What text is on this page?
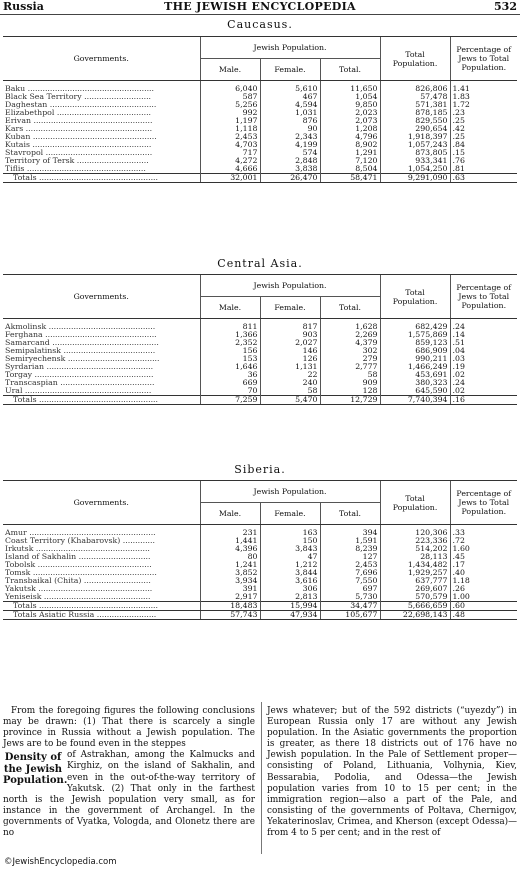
Russia	THE JEWISH ENCYCLOPEDIA	532
Caucasus.
Governments.	Jewish Population.			Total Population.	Percentage of Jews to Total Population.
	Male.	Female.	Total.		

Baku ...................................................	6,040	5,610	11,650	826,806	1.41
Black Sea Territory ...........................	587	467	1,054	57,478	1.83
Daghestan ...........................................	5,256	4,594	9,850	571,381	1.72
Elizabethpol ......................................	992	1,031	2,023	878,185	.23
Erivan ................................................	1,197	876	2,073	829,550	.25
Kars ...................................................	1,118	90	1,208	290,654	.42
Kuban ..................................................	2,453	2,343	4,796	1,918,397	.25
Kutais ................................................	4,703	4,199	8,902	1,057,243	.84
Stavropol ...........................................	717	574	1,291	873,805	.15
Territory of Tersk .............................	4,272	2,848	7,120	933,341	.76
Tiflis ................................................	4,666	3,838	8,504	1,054,250	.81
Totals ................................................	32,001	26,470	58,471	9,291,090	.63
Central Asia.
Governments.	Jewish Population.			Total Population.	Percentage of Jews to Total Population.
	Male.	Female.	Total.		

Akmolinsk ...........................................	811	817	1,628	682,429	.24
Ferghana .............................................	1,366	903	2,269	1,575,869	.14
Samarcand ...........................................	2,352	2,027	4,379	859,123	.51
Semipalatinsk .....................................	156	146	302	686,909	.04
Semiryechensk .....................................	153	126	279	990,211	.03
Syrdarian ...........................................	1,646	1,131	2,777	1,466,249	.19
Torgay ................................................	36	22	58	453,691	.02
Transcaspian ......................................	669	240	909	380,323	.24
Ural ...................................................	70	58	128	645,590	.02
Totals ................................................	7,259	5,470	12,729	7,740,394	.16
Siberia.
Governments.	Jewish Population.			Total Population.	Percentage of Jews to Total Population.
	Male.	Female.	Total.		

Amur ...................................................	231	163	394	120,306	.33
Coast Territory (Khabarovsk) .............	1,441	150	1,591	223,336	.72
Irkutsk ..............................................	4,396	3,843	8,239	514,202	1.60
Island of Sakhalin .............................	80	47	127	28,113	.45
Tobolsk ..............................................	1,241	1,212	2,453	1,434,482	.17
Tomsk ..................................................	3,852	3,844	7,696	1,929,257	.40
Transbaikal (Chita) ...........................	3,934	3,616	7,550	637,777	1.18
Yakutsk ..............................................	391	306	697	269,607	.26
Yeniseisk ...........................................	2,917	2,813	5,730	570,579	1.00
Totals ................................................	18,483	15,994	34,477	5,666,659	.60
Totals Asiatic Russia ........................	57,743	47,934	105,677	22,698,143	.48

From the foregoing figures the following conclusions may be drawn: (1) That there is scarcely a single province in Russia without a Jewish population. The Jews are to be found even in the steppes

Density of the Jewish Population.

of Astrakhan, among the Kalmucks and Kirghiz, on the island of Sakhalin, and even in the out-of-the-way territory of Yakutsk. (2) That only in the farthest north is the Jewish population very small, as for instance in the government of Archangel. In the governments of Vyatka, Vologda, and Olonetz there are no

Jews whatever; but of the 592 districts (“uyezdy”) in European Russia only 17 are without any Jewish population. In the Asiatic governments the proportion is greater, as there 18 districts out of 176 have no Jewish population. In the Pale of Settlement proper—consisting of Poland, Lithuania, Volhynia, Kiev, Bessarabia, Podolia, and Odessa—the Jewish population varies from 10 to 15 per cent; in the immigration region—also a part of the Pale, and consisting of the governments of Poltava, Chernigov, Yekaterinoslav, Crimea, and Kherson (except Odessa)—from 4 to 5 per cent; and in the rest of

©JewishEncyclopedia.com
